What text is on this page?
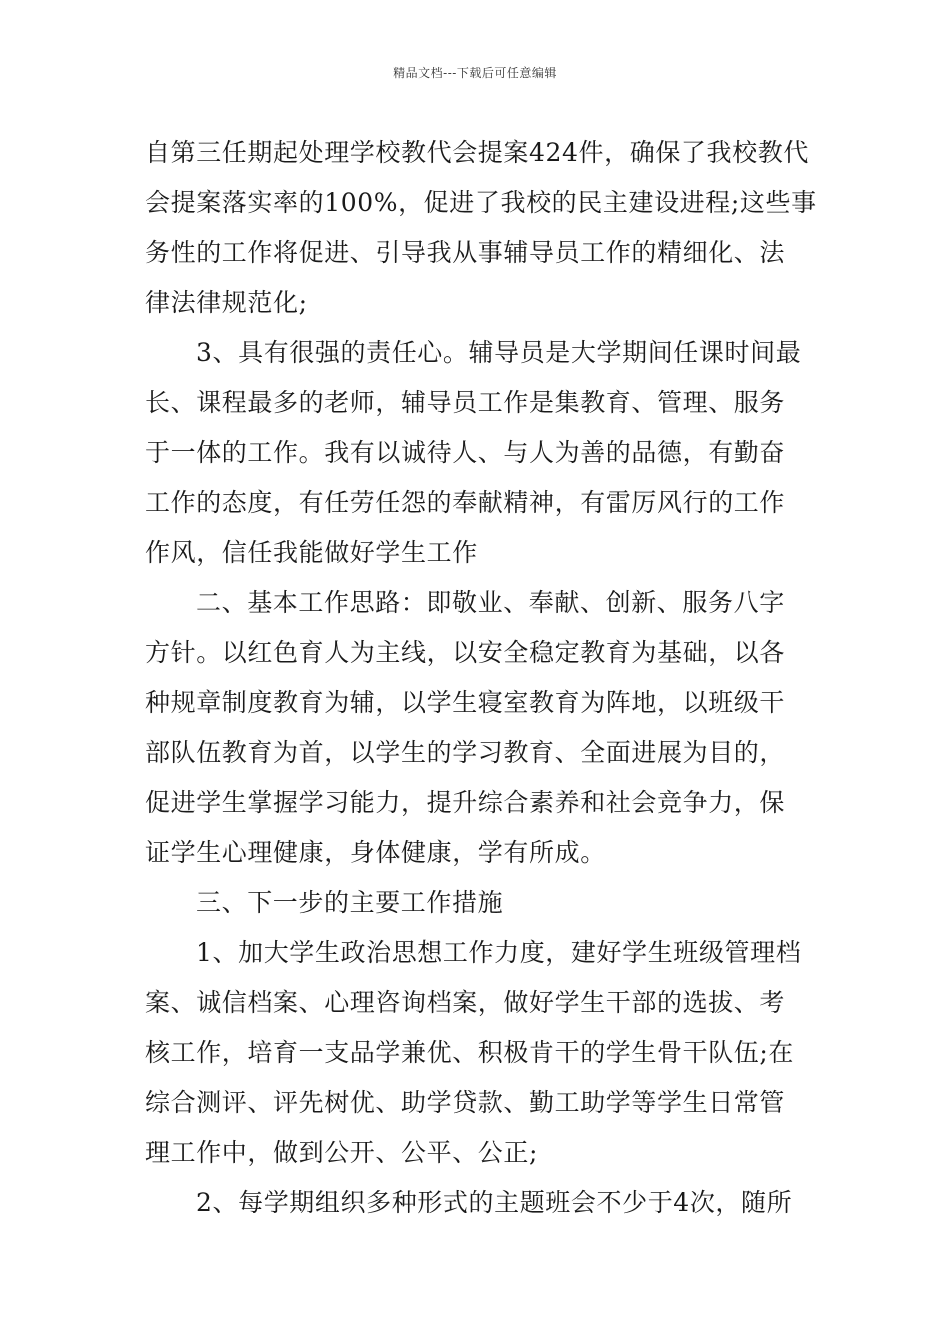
精品文档---下载后可任意编辑
自第三任期起处理学校教代会提案424件，确保了我校教代
会提案落实率的100%，促进了我校的民主建设进程;这些事
务性的工作将促进、引导我从事辅导员工作的精细化、法
律法律规范化;
3、具有很强的责任心。辅导员是大学期间任课时间最
长、课程最多的老师，辅导员工作是集教育、管理、服务
于一体的工作。我有以诚待人、与人为善的品德，有勤奋
工作的态度，有任劳任怨的奉献精神，有雷厉风行的工作
作风，信任我能做好学生工作
二、基本工作思路：即敬业、奉献、创新、服务八字
方针。以红色育人为主线，以安全稳定教育为基础，以各
种规章制度教育为辅，以学生寝室教育为阵地，以班级干
部队伍教育为首，以学生的学习教育、全面进展为目的，
促进学生掌握学习能力，提升综合素养和社会竞争力，保
证学生心理健康，身体健康，学有所成。
三、下一步的主要工作措施
1、加大学生政治思想工作力度，建好学生班级管理档
案、诚信档案、心理咨询档案，做好学生干部的选拔、考
核工作，培育一支品学兼优、积极肯干的学生骨干队伍;在
综合测评、评先树优、助学贷款、勤工助学等学生日常管
理工作中，做到公开、公平、公正;
2、每学期组织多种形式的主题班会不少于4次，随所
